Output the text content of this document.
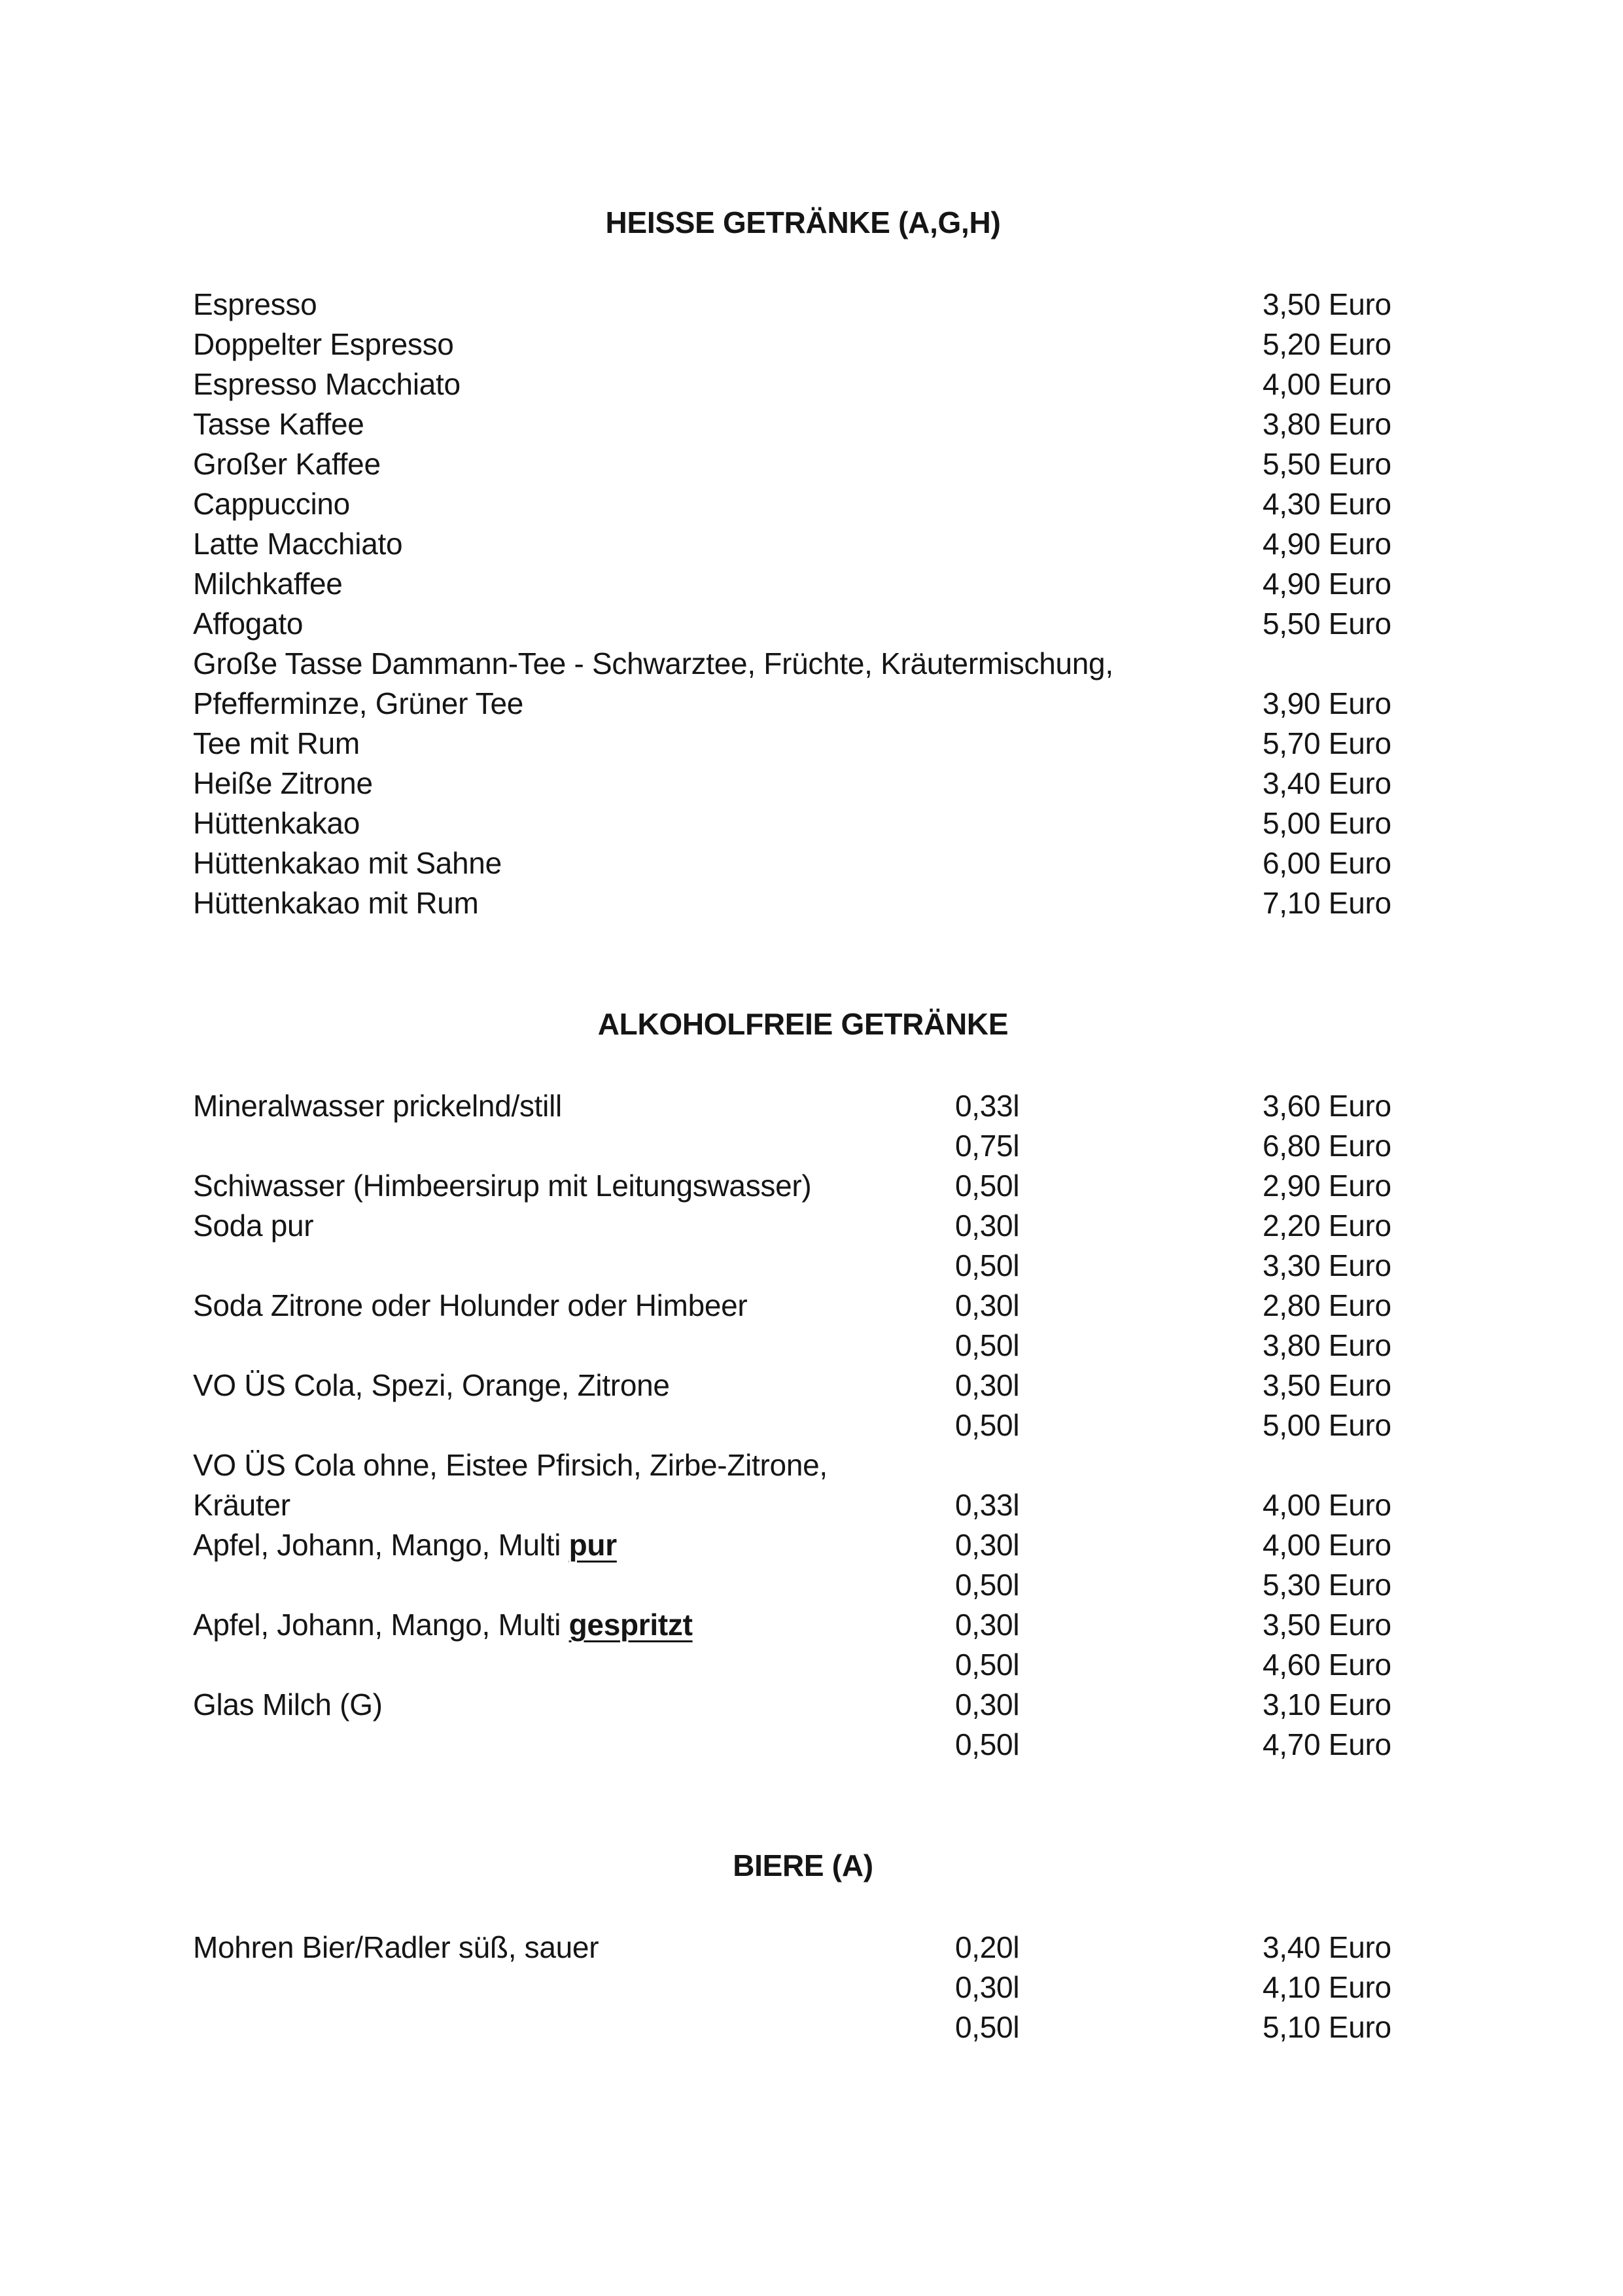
HEISSE GETRÄNKE (A,G,H)
Espresso	3,50 Euro
Doppelter Espresso	5,20 Euro
Espresso Macchiato	4,00 Euro
Tasse Kaffee	3,80 Euro
Großer Kaffee	5,50 Euro
Cappuccino	4,30 Euro
Latte Macchiato	4,90 Euro
Milchkaffee	4,90 Euro
Affogato	5,50 Euro
Große Tasse Dammann-Tee - Schwarztee, Früchte, Kräutermischung,
Pfefferminze, Grüner Tee	3,90 Euro
Tee mit Rum	5,70 Euro
Heiße Zitrone	3,40 Euro
Hüttenkakao	5,00 Euro
Hüttenkakao mit Sahne	6,00 Euro
Hüttenkakao mit Rum	7,10 Euro
ALKOHOLFREIE GETRÄNKE
Mineralwasser prickelnd/still	0,33l	3,60 Euro
0,75l	6,80 Euro
Schiwasser (Himbeersirup mit Leitungswasser)	0,50l	2,90 Euro
Soda pur	0,30l	2,20 Euro
0,50l	3,30 Euro
Soda Zitrone oder Holunder oder Himbeer	0,30l	2,80 Euro
0,50l	3,80 Euro
VO ÜS Cola, Spezi, Orange, Zitrone	0,30l	3,50 Euro
0,50l	5,00 Euro
VO ÜS Cola ohne, Eistee Pfirsich, Zirbe-Zitrone,
Kräuter	0,33l	4,00 Euro
Apfel, Johann, Mango, Multi pur	0,30l	4,00 Euro
0,50l	5,30 Euro
Apfel, Johann, Mango, Multi gespritzt	0,30l	3,50 Euro
0,50l	4,60 Euro
Glas Milch (G)	0,30l	3,10 Euro
0,50l	4,70 Euro
BIERE (A)
Mohren Bier/Radler süß, sauer	0,20l	3,40 Euro
0,30l	4,10 Euro
0,50l	5,10 Euro
